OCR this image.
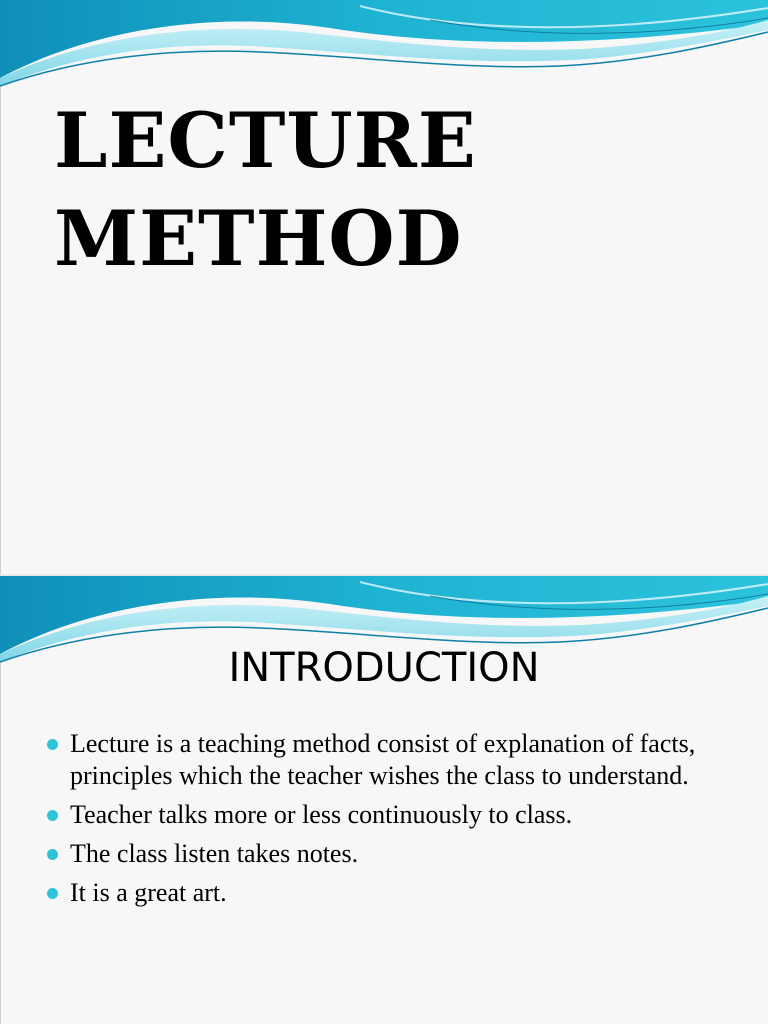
LECTURE
METHOD
INTRODUCTION
Lecture is a teaching method consist of explanation of facts, principles which the teacher wishes the class to understand.
Teacher talks more or less continuously to class.
The class listen takes notes.
It is a great art.
